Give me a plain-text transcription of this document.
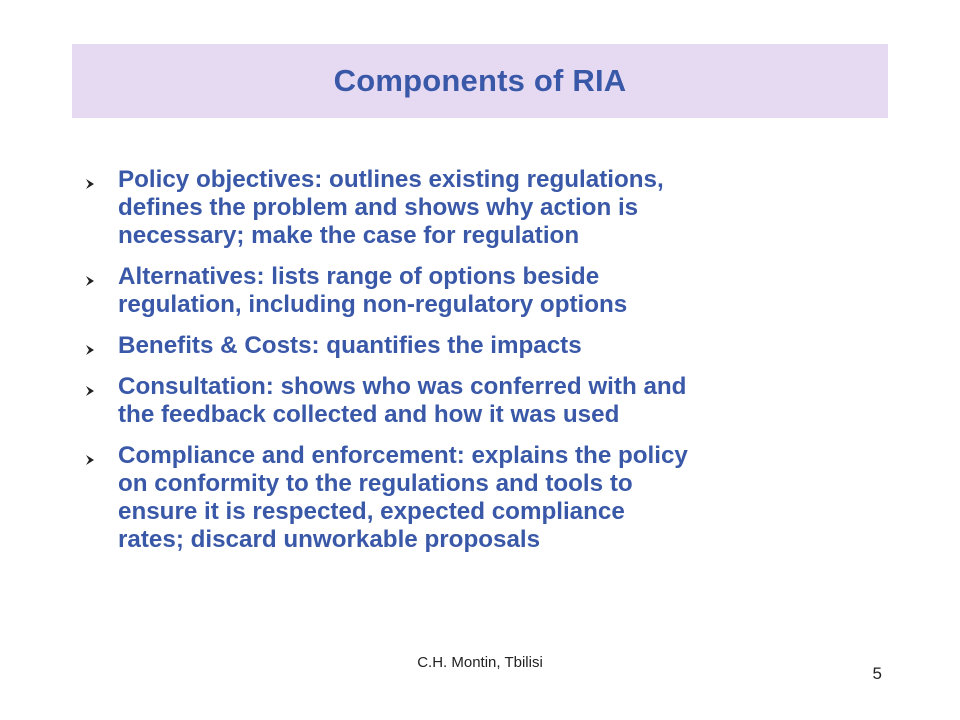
Components of RIA
Policy objectives: outlines existing regulations,
defines the problem and shows why action is
necessary; make the case for regulation
Alternatives: lists range of options beside
regulation, including non-regulatory options
Benefits & Costs: quantifies the impacts
Consultation: shows who was conferred with and
the feedback collected and how it was used
Compliance and enforcement: explains the policy
on conformity to the regulations and tools to
ensure it is respected, expected compliance
rates; discard unworkable proposals
C.H. Montin, Tbilisi
5
